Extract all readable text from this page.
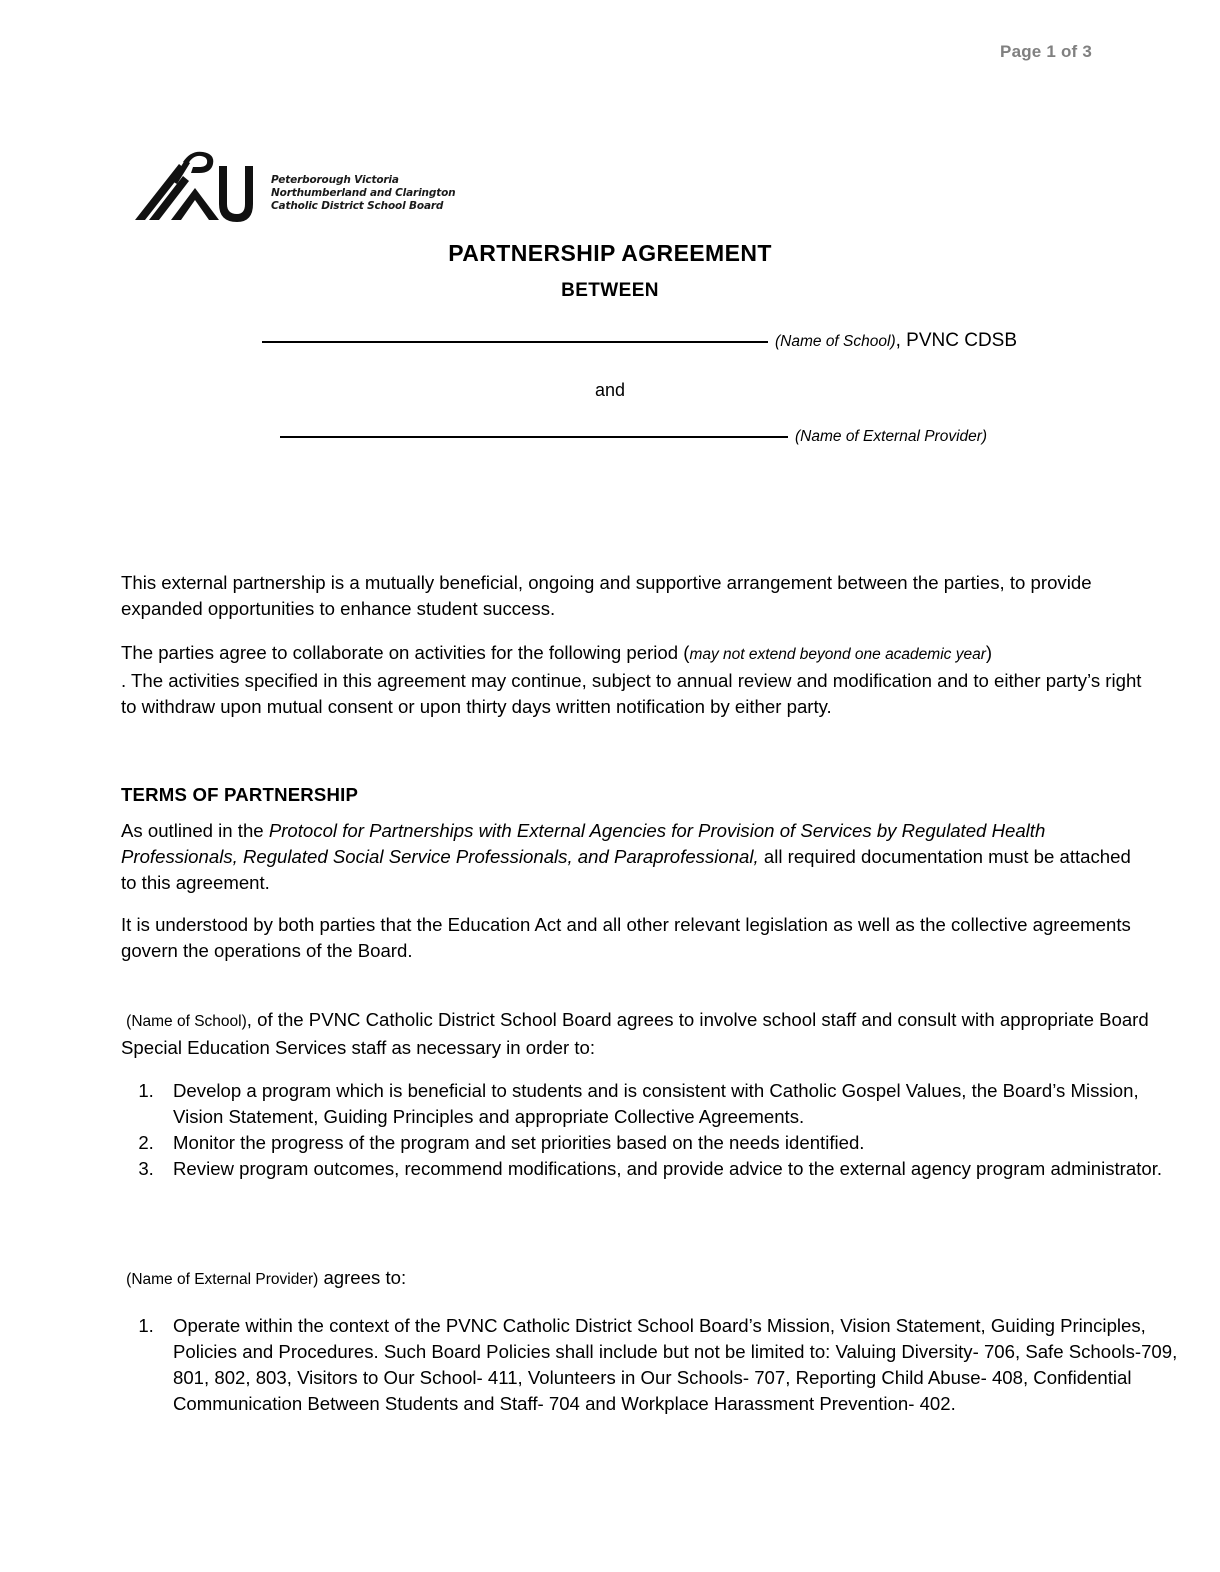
Page 1 of 3
Peterborough Victoria
Northumberland and Clarington
Catholic District School Board
PARTNERSHIP AGREEMENT
BETWEEN
(Name of School) , PVNC CDSB
and
(Name of External Provider)
This external partnership is a mutually beneficial, ongoing and supportive arrangement between the parties, to provide expanded opportunities to enhance student success.
The parties agree to collaborate on activities for the following period (may not extend beyond one academic year)
. The activities specified in this agreement may continue, subject to annual review and modification and to either party’s right to withdraw upon mutual consent or upon thirty days written notification by either party.
TERMS OF PARTNERSHIP
As outlined in the Protocol for Partnerships with External Agencies for Provision of Services by Regulated Health Professionals, Regulated Social Service Professionals, and Paraprofessional, all required documentation must be attached to this agreement.
It is understood by both parties that the Education Act and all other relevant legislation as well as the collective agreements govern the operations of the Board.
(Name of School), of the PVNC Catholic District School Board agrees to involve school staff and consult with appropriate Board Special Education Services staff as necessary in order to:
1. Develop a program which is beneficial to students and is consistent with Catholic Gospel Values, the Board’s Mission, Vision Statement, Guiding Principles and appropriate Collective Agreements.
2. Monitor the progress of the program and set priorities based on the needs identified.
3. Review program outcomes, recommend modifications, and provide advice to the external agency program administrator.
(Name of External Provider) agrees to:
1. Operate within the context of the PVNC Catholic District School Board’s Mission, Vision Statement, Guiding Principles, Policies and Procedures. Such Board Policies shall include but not be limited to: Valuing Diversity- 706, Safe Schools-709, 801, 802, 803, Visitors to Our School- 411, Volunteers in Our Schools- 707, Reporting Child Abuse- 408, Confidential Communication Between Students and Staff- 704 and Workplace Harassment Prevention- 402.
